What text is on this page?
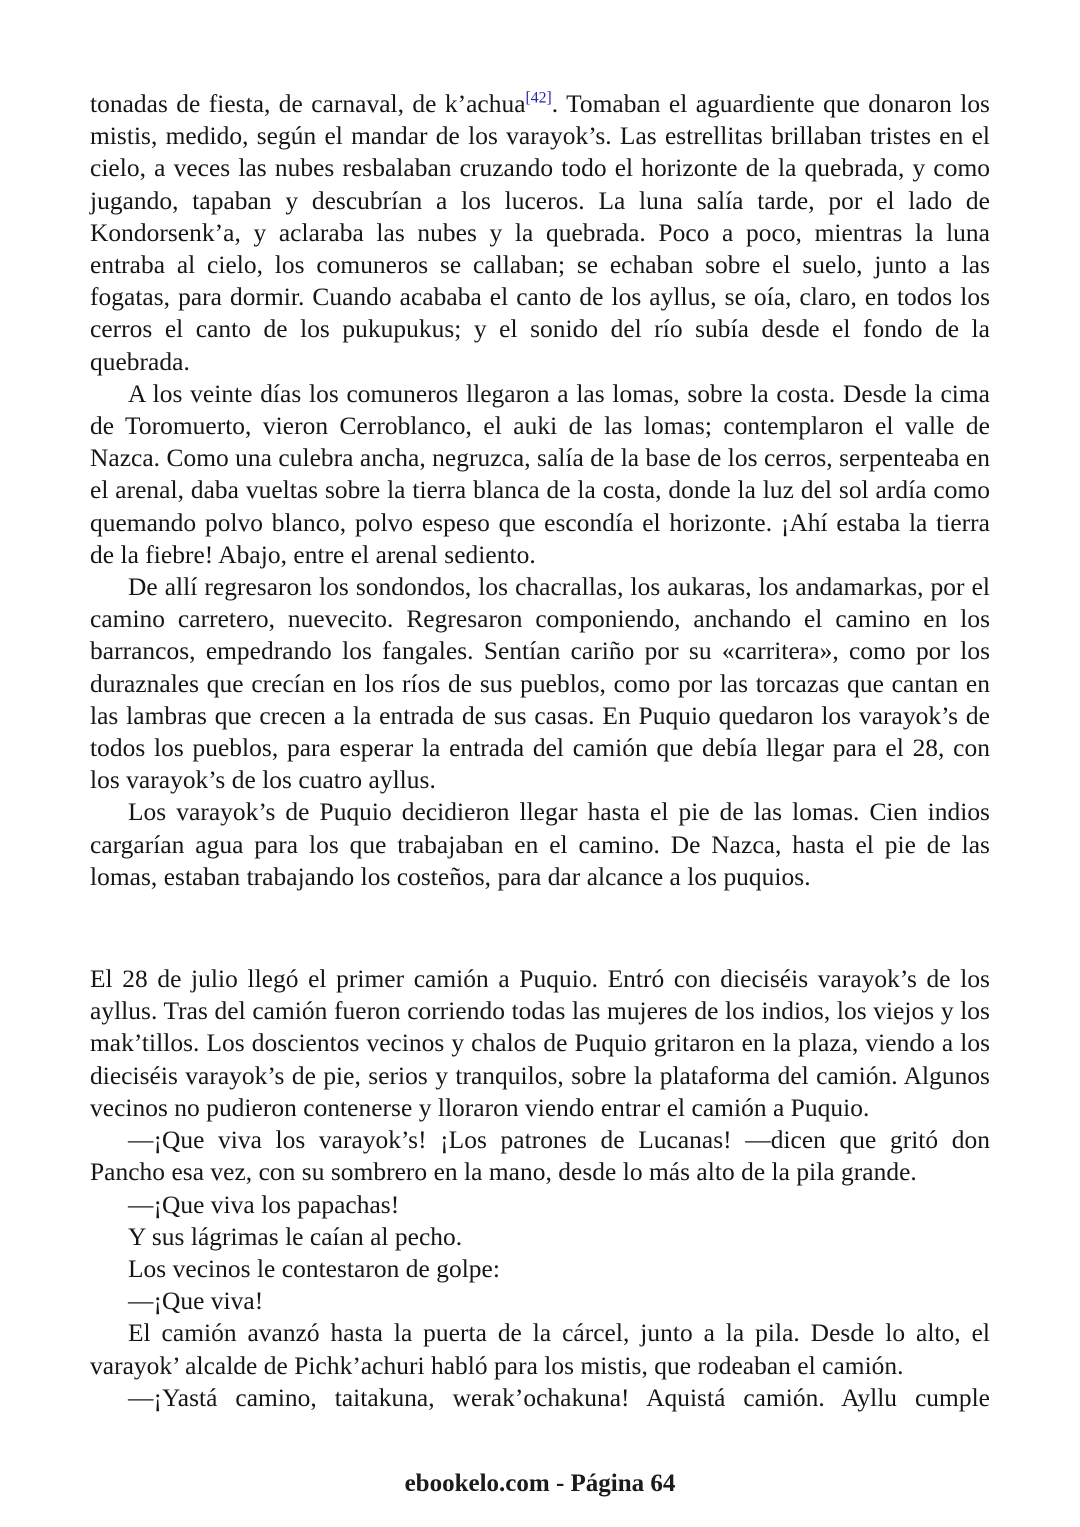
tonadas de fiesta, de carnaval, de k’achua[42]. Tomaban el aguardiente que donaron los mistis, medido, según el mandar de los varayok’s. Las estrellitas brillaban tristes en el cielo, a veces las nubes resbalaban cruzando todo el horizonte de la quebrada, y como jugando, tapaban y descubrían a los luceros. La luna salía tarde, por el lado de Kondorsenk’a, y aclaraba las nubes y la quebrada. Poco a poco, mientras la luna entraba al cielo, los comuneros se callaban; se echaban sobre el suelo, junto a las fogatas, para dormir. Cuando acababa el canto de los ayllus, se oía, claro, en todos los cerros el canto de los pukupukus; y el sonido del río subía desde el fondo de la quebrada.

A los veinte días los comuneros llegaron a las lomas, sobre la costa. Desde la cima de Toromuerto, vieron Cerroblanco, el auki de las lomas; contemplaron el valle de Nazca. Como una culebra ancha, negruzca, salía de la base de los cerros, serpenteaba en el arenal, daba vueltas sobre la tierra blanca de la costa, donde la luz del sol ardía como quemando polvo blanco, polvo espeso que escondía el horizonte. ¡Ahí estaba la tierra de la fiebre! Abajo, entre el arenal sediento.

De allí regresaron los sondondos, los chacrallas, los aukaras, los andamarkas, por el camino carretero, nuevecito. Regresaron componiendo, anchando el camino en los barrancos, empedrando los fangales. Sentían cariño por su «carritera», como por los duraznales que crecían en los ríos de sus pueblos, como por las torcazas que cantan en las lambras que crecen a la entrada de sus casas. En Puquio quedaron los varayok’s de todos los pueblos, para esperar la entrada del camión que debía llegar para el 28, con los varayok’s de los cuatro ayllus.

Los varayok’s de Puquio decidieron llegar hasta el pie de las lomas. Cien indios cargarían agua para los que trabajaban en el camino. De Nazca, hasta el pie de las lomas, estaban trabajando los costeños, para dar alcance a los puquios.

El 28 de julio llegó el primer camión a Puquio. Entró con dieciséis varayok’s de los ayllus. Tras del camión fueron corriendo todas las mujeres de los indios, los viejos y los mak’tillos. Los doscientos vecinos y chalos de Puquio gritaron en la plaza, viendo a los dieciséis varayok’s de pie, serios y tranquilos, sobre la plataforma del camión. Algunos vecinos no pudieron contenerse y lloraron viendo entrar el camión a Puquio.

—¡Que viva los varayok’s! ¡Los patrones de Lucanas! —dicen que gritó don Pancho esa vez, con su sombrero en la mano, desde lo más alto de la pila grande.

—¡Que viva los papachas!

Y sus lágrimas le caían al pecho.

Los vecinos le contestaron de golpe:

—¡Que viva!

El camión avanzó hasta la puerta de la cárcel, junto a la pila. Desde lo alto, el varayok’ alcalde de Pichk’achuri habló para los mistis, que rodeaban el camión.

—¡Yastá camino, taitakuna, werak’ochakuna! Aquistá camión. Ayllu cumple

ebookelo.com - Página 64
